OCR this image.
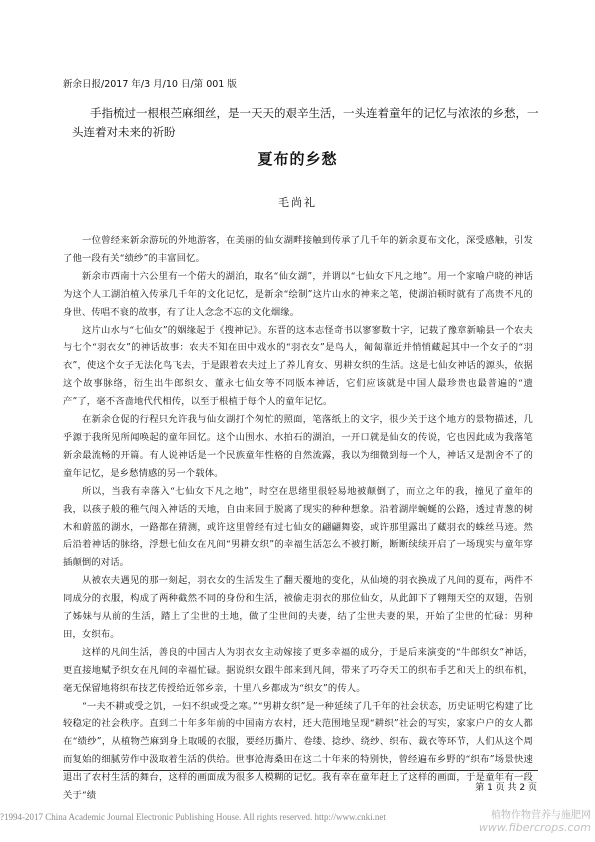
新余日报/2017 年/3 月/10 日/第 001 版
手指梳过一根根苎麻细丝，是一天天的艰辛生活，一头连着童年的记忆与浓浓的乡愁，一头连着对未来的祈盼
夏布的乡愁
毛尚礼

一位曾经来新余游玩的外地游客，在美丽的仙女湖畔接触到传承了几千年的新余夏布文化，深受感触，引发了他一段有关“绩纱”的丰富回忆。

新余市西南十六公里有一个偌大的湖泊，取名“仙女湖”，并谓以“七仙女下凡之地”。用一个家喻户晓的神话为这个人工湖泊植入传承几千年的文化记忆，是新余“绘制”这片山水的神来之笔，使湖泊顿时就有了高贵不凡的身世、传唱不衰的故事，有了让人念念不忘的文化烟缘。

这片山水与“七仙女”的姻缘起于《搜神记》。东晋的这本志怪奇书以寥寥数十字，记载了豫章新喻县一个农夫与七个“羽衣女”的神话故事：农夫不知在田中戏水的“羽衣女”是鸟人，匍匐靠近并悄悄藏起其中一个女子的“羽衣”，使这个女子无法化鸟飞去，于是跟着农夫过上了养儿育女、男耕女织的生活。这是七仙女神话的源头，依据这个故事脉络，衍生出牛郎织女、董永七仙女等不同版本神话，它们应该就是中国人最珍贵也最普遍的“遗产”了，毫不吝啬地代代相传，以至于根植于每个人的童年记忆。

在新余仓促的行程只允许我与仙女湖打个匆忙的照面，笔落纸上的文字，很少关于这个地方的景物描述，几乎源于我所见所闻唤起的童年回忆。这个山围水、水拍石的湖泊，一开口就是仙女的传说，它也因此成为我落笔新余最流畅的开篇。有人说神话是一个民族童年性格的自然流露，我以为细微到每一个人，神话又是割舍不了的童年记忆，是乡愁情感的另一个载体。

所以，当我有幸落入“七仙女下凡之地”，时空在思绪里很轻易地被颠倒了，而立之年的我，撞见了童年的我，以孩子般的稚气闯入神话的天地，自由来回于脱离了现实的种种想象。沿着湖岸蜿蜒的公路，透过青葱的树木和蔚蓝的湖水，一路都在猜测，或许这里曾经有过七仙女的翩翩舞姿，或许那里露出了藏羽衣的蛛丝马迹。然后沿着神话的脉络，浮想七仙女在凡间“男耕女织”的幸福生活怎么不被打断，断断续续开启了一场现实与童年穿插颠倒的对话。

从被农夫遇见的那一刻起，羽衣女的生活发生了翻天覆地的变化，从仙境的羽衣换成了凡间的夏布，两件不同成分的衣服，构成了两种截然不同的身份和生活，被偷走羽衣的那位仙女，从此卸下了翱翔天空的双翅，告别了姊妹与从前的生活，踏上了尘世的土地，做了尘世间的夫妻，结了尘世夫妻的果，开始了尘世的忙碌：男种田，女织布。

这样的凡间生活，善良的中国古人为羽衣女主动嫁接了更多幸福的成分，于是后来演变的“牛郎织女”神话，更直接地赋予织女在凡间的幸福忙碌。据说织女跟牛郎来到凡间，带来了巧夺天工的织布手艺和天上的织布机，毫无保留地将织布技艺传授给近邻乡亲，十里八乡都成为“织女”的传人。

“一夫不耕或受之饥，一妇不织或受之寒。”“男耕女织”是一种延续了几千年的社会状态，历史证明它构建了比较稳定的社会秩序。直到二十年多年前的中国南方农村，还大范围地呈现“耕织”社会的写实，家家户户的女人都在“绩纱”，从植物苎麻到身上取暖的衣服，要经历撕片、卷缕、捻纱、绕纱、织布、裁衣等环节，人们从这个周而复始的细腻劳作中汲取着生活的供给。世事沧海桑田在这二十年来的特别快，曾经遍布乡野的“织布”场景快速退出了农村生活的舞台，这样的画面成为很多人模糊的记忆。我有幸在童年赶上了这样的画面，于是童年有一段关于“绩

第 1 页 共 2 页
?1994-2017 China Academic Journal Electronic Publishing House. All rights reserved. http://www.cnki.net	植物作物营养与施肥网
www.fibercrops.com
